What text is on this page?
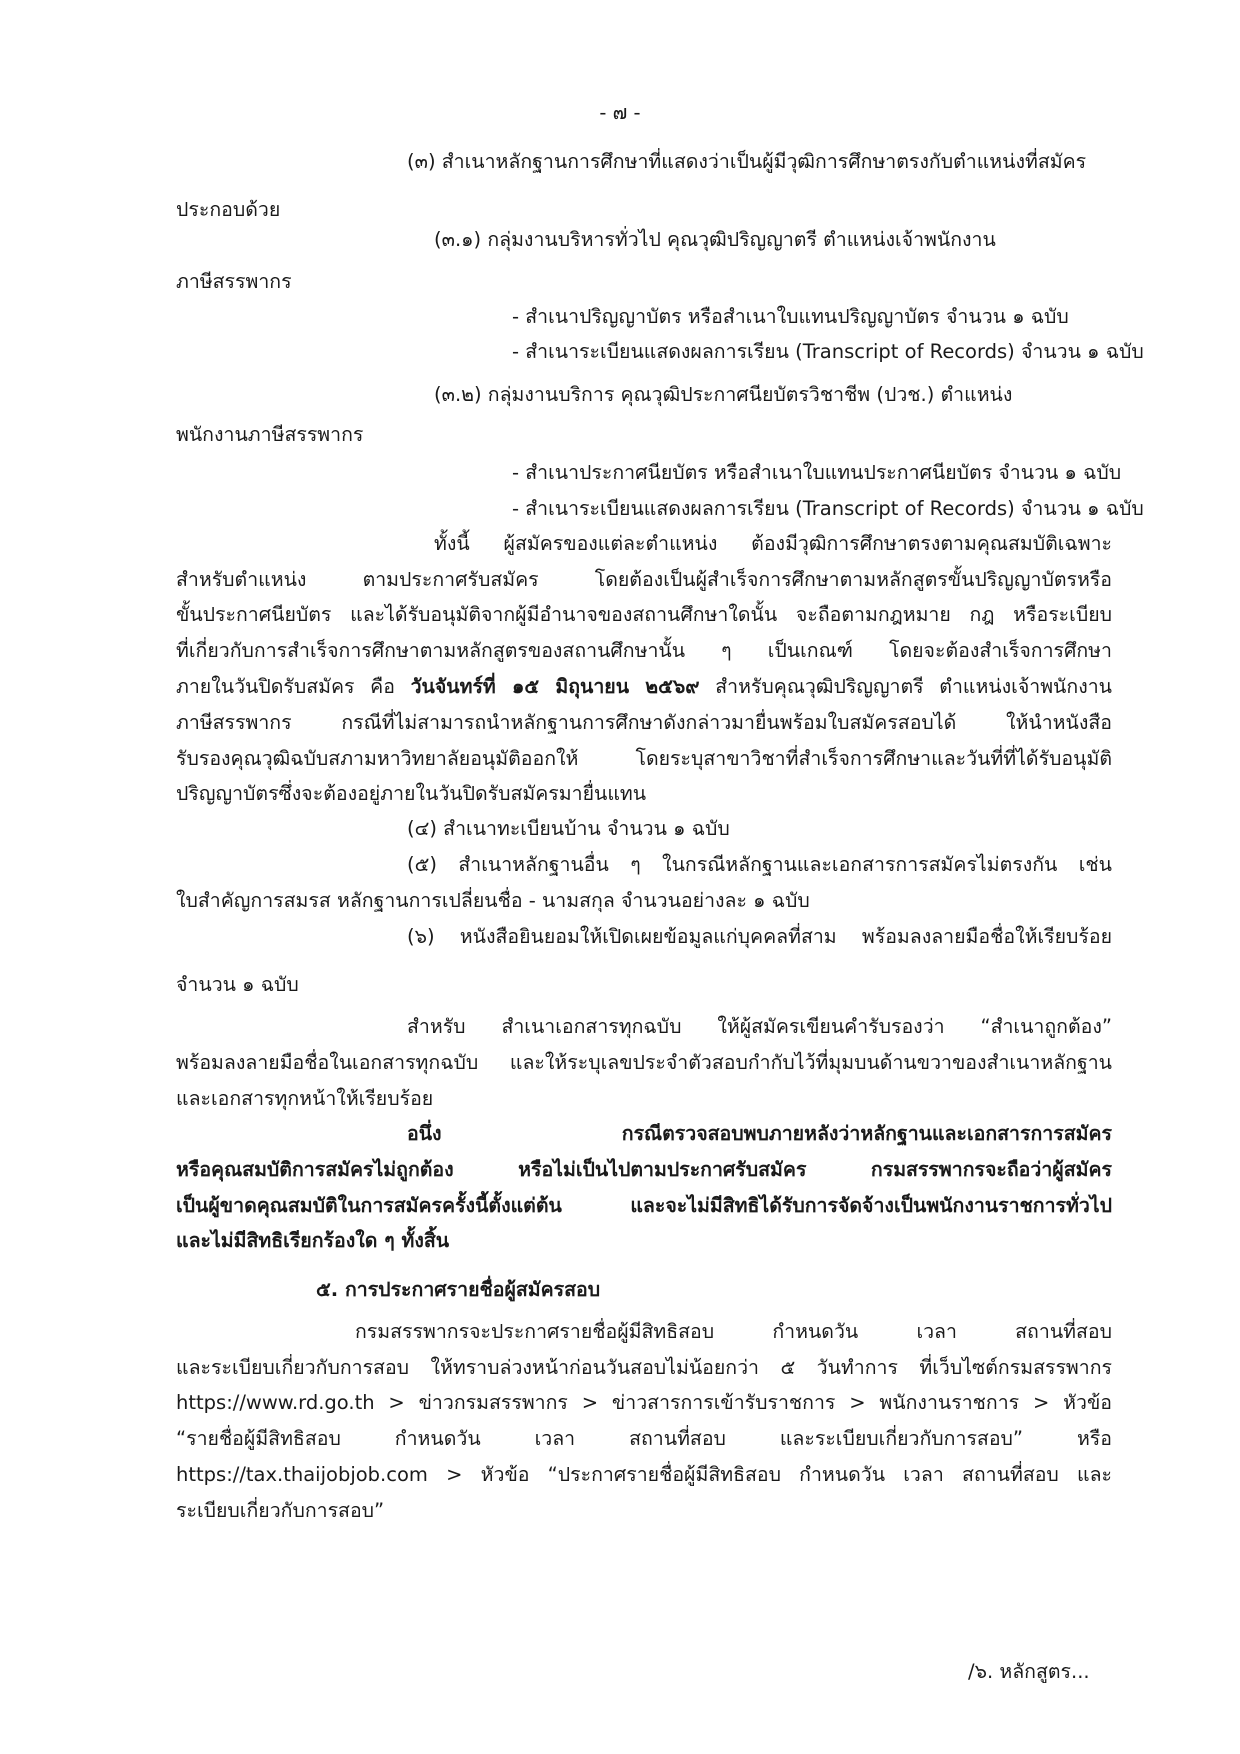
- ๗ -
(๓) สำเนาหลักฐานการศึกษาที่แสดงว่าเป็นผู้มีวุฒิการศึกษาตรงกับตำแหน่งที่สมัคร
ประกอบด้วย
(๓.๑) กลุ่มงานบริหารทั่วไป คุณวุฒิปริญญาตรี ตำแหน่งเจ้าพนักงาน
ภาษีสรรพากร
- สำเนาปริญญาบัตร หรือสำเนาใบแทนปริญญาบัตร จำนวน ๑ ฉบับ
- สำเนาระเบียนแสดงผลการเรียน (Transcript of Records) จำนวน ๑ ฉบับ
(๓.๒) กลุ่มงานบริการ คุณวุฒิประกาศนียบัตรวิชาชีพ (ปวช.) ตำแหน่ง
พนักงานภาษีสรรพากร
- สำเนาประกาศนียบัตร หรือสำเนาใบแทนประกาศนียบัตร จำนวน ๑ ฉบับ
- สำเนาระเบียนแสดงผลการเรียน (Transcript of Records) จำนวน ๑ ฉบับ
ทั้งนี้ ผู้สมัครของแต่ละตำแหน่ง ต้องมีวุฒิการศึกษาตรงตามคุณสมบัติเฉพาะ
สำหรับตำแหน่ง ตามประกาศรับสมัคร โดยต้องเป็นผู้สำเร็จการศึกษาตามหลักสูตรขั้นปริญญาบัตรหรือ
ขั้นประกาศนียบัตร และได้รับอนุมัติจากผู้มีอำนาจของสถานศึกษาใดนั้น จะถือตามกฎหมาย กฎ หรือระเบียบ
ที่เกี่ยวกับการสำเร็จการศึกษาตามหลักสูตรของสถานศึกษานั้น ๆ เป็นเกณฑ์ โดยจะต้องสำเร็จการศึกษา
ภายในวันปิดรับสมัคร คือ วันจันทร์ที่ ๑๕ มิถุนายน ๒๕๖๙ สำหรับคุณวุฒิปริญญาตรี ตำแหน่งเจ้าพนักงาน
ภาษีสรรพากร กรณีที่ไม่สามารถนำหลักฐานการศึกษาดังกล่าวมายื่นพร้อมใบสมัครสอบได้ ให้นำหนังสือ
รับรองคุณวุฒิฉบับสภามหาวิทยาลัยอนุมัติออกให้ โดยระบุสาขาวิชาที่สำเร็จการศึกษาและวันที่ที่ได้รับอนุมัติ
ปริญญาบัตรซึ่งจะต้องอยู่ภายในวันปิดรับสมัครมายื่นแทน
(๔) สำเนาทะเบียนบ้าน จำนวน ๑ ฉบับ
(๕) สำเนาหลักฐานอื่น ๆ ในกรณีหลักฐานและเอกสารการสมัครไม่ตรงกัน เช่น
ใบสำคัญการสมรส หลักฐานการเปลี่ยนชื่อ - นามสกุล จำนวนอย่างละ ๑ ฉบับ
(๖) หนังสือยินยอมให้เปิดเผยข้อมูลแก่บุคคลที่สาม พร้อมลงลายมือชื่อให้เรียบร้อย
จำนวน ๑ ฉบับ
สำหรับ สำเนาเอกสารทุกฉบับ ให้ผู้สมัครเขียนคำรับรองว่า “สำเนาถูกต้อง”
พร้อมลงลายมือชื่อในเอกสารทุกฉบับ และให้ระบุเลขประจำตัวสอบกำกับไว้ที่มุมบนด้านขวาของสำเนาหลักฐาน
และเอกสารทุกหน้าให้เรียบร้อย
อนึ่ง กรณีตรวจสอบพบภายหลังว่าหลักฐานและเอกสารการสมัคร
หรือคุณสมบัติการสมัครไม่ถูกต้อง หรือไม่เป็นไปตามประกาศรับสมัคร กรมสรรพากรจะถือว่าผู้สมัคร
เป็นผู้ขาดคุณสมบัติในการสมัครครั้งนี้ตั้งแต่ต้น และจะไม่มีสิทธิได้รับการจัดจ้างเป็นพนักงานราชการทั่วไป
และไม่มีสิทธิเรียกร้องใด ๆ ทั้งสิ้น
๕. การประกาศรายชื่อผู้สมัครสอบ
กรมสรรพากรจะประกาศรายชื่อผู้มีสิทธิสอบ กำหนดวัน เวลา สถานที่สอบ
และระเบียบเกี่ยวกับการสอบ ให้ทราบล่วงหน้าก่อนวันสอบไม่น้อยกว่า ๕ วันทำการ ที่เว็บไซต์กรมสรรพากร
https://www.rd.go.th > ข่าวกรมสรรพากร > ข่าวสารการเข้ารับราชการ > พนักงานราชการ > หัวข้อ
“รายชื่อผู้มีสิทธิสอบ กำหนดวัน เวลา สถานที่สอบ และระเบียบเกี่ยวกับการสอบ” หรือ
https://tax.thaijobjob.com > หัวข้อ “ประกาศรายชื่อผู้มีสิทธิสอบ กำหนดวัน เวลา สถานที่สอบ และ
ระเบียบเกี่ยวกับการสอบ”
/๖. หลักสูตร...
